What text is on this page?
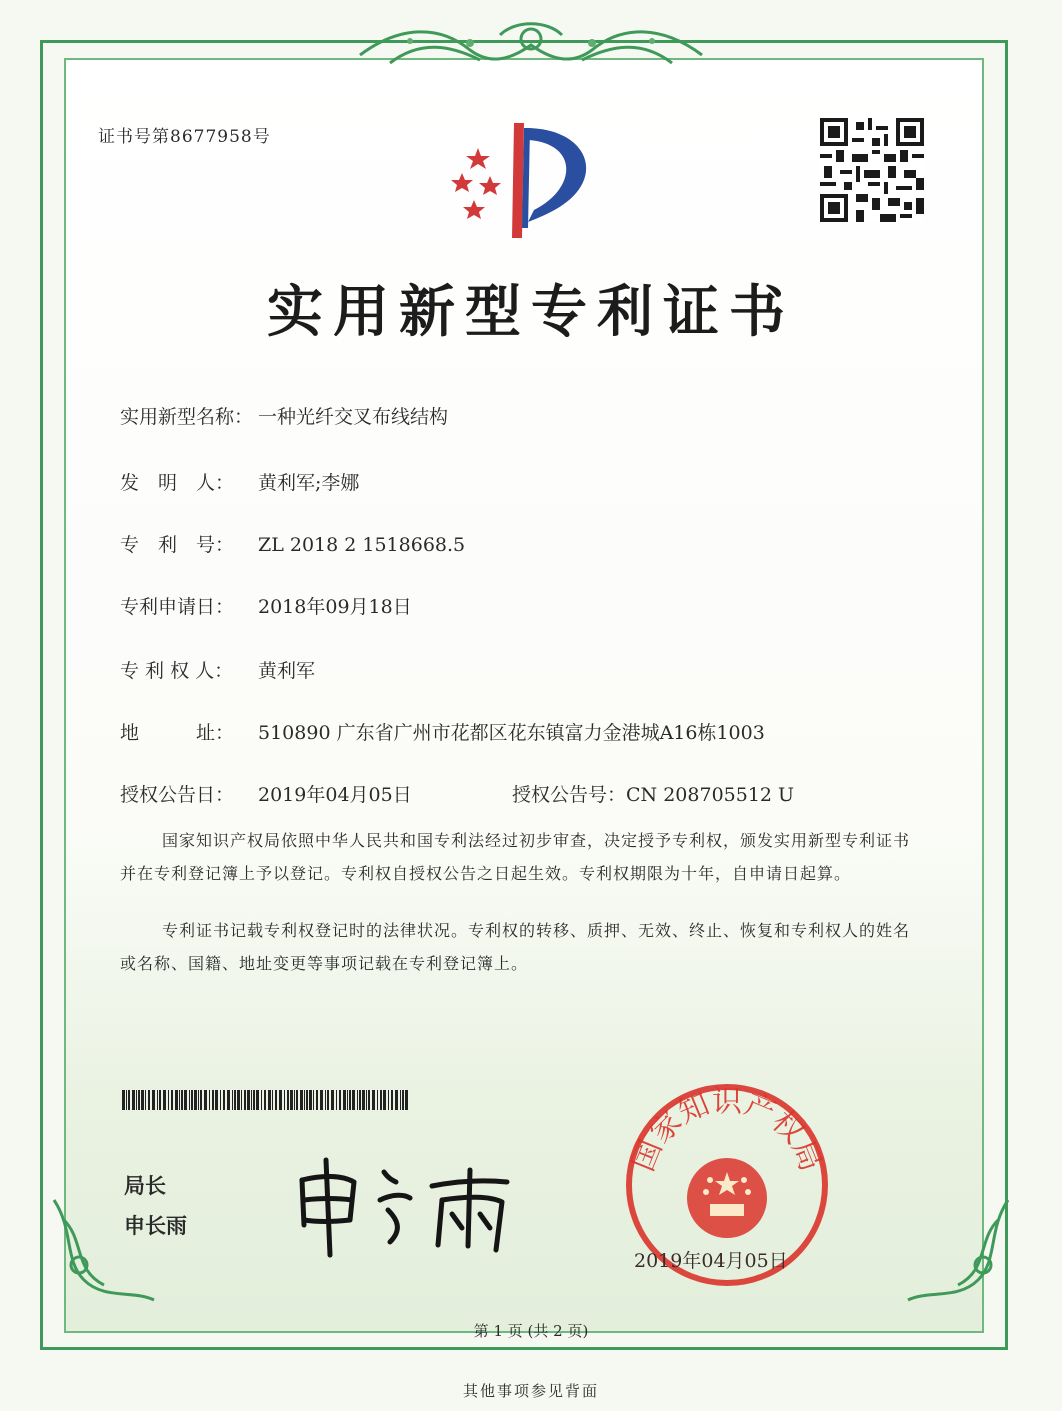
证书号第8677958号
实用新型专利证书
实用新型名称： 一种光纤交叉布线结构
发　明　人： 黄利军;李娜
专　利　号： ZL 2018 2 1518668.5
专利申请日： 2018年09月18日
专 利 权 人： 黄利军
地　　　址： 510890 广东省广州市花都区花东镇富力金港城A16栋1003
授权公告日： 2019年04月05日	授权公告号：CN 208705512 U
国家知识产权局依照中华人民共和国专利法经过初步审查，决定授予专利权，颁发实用新型专利证书并在专利登记簿上予以登记。专利权自授权公告之日起生效。专利权期限为十年，自申请日起算。
专利证书记载专利权登记时的法律状况。专利权的转移、质押、无效、终止、恢复和专利权人的姓名或名称、国籍、地址变更等事项记载在专利登记簿上。
局长
申长雨
国家知识产权局
2019年04月05日
第 1 页 (共 2 页)
其他事项参见背面
